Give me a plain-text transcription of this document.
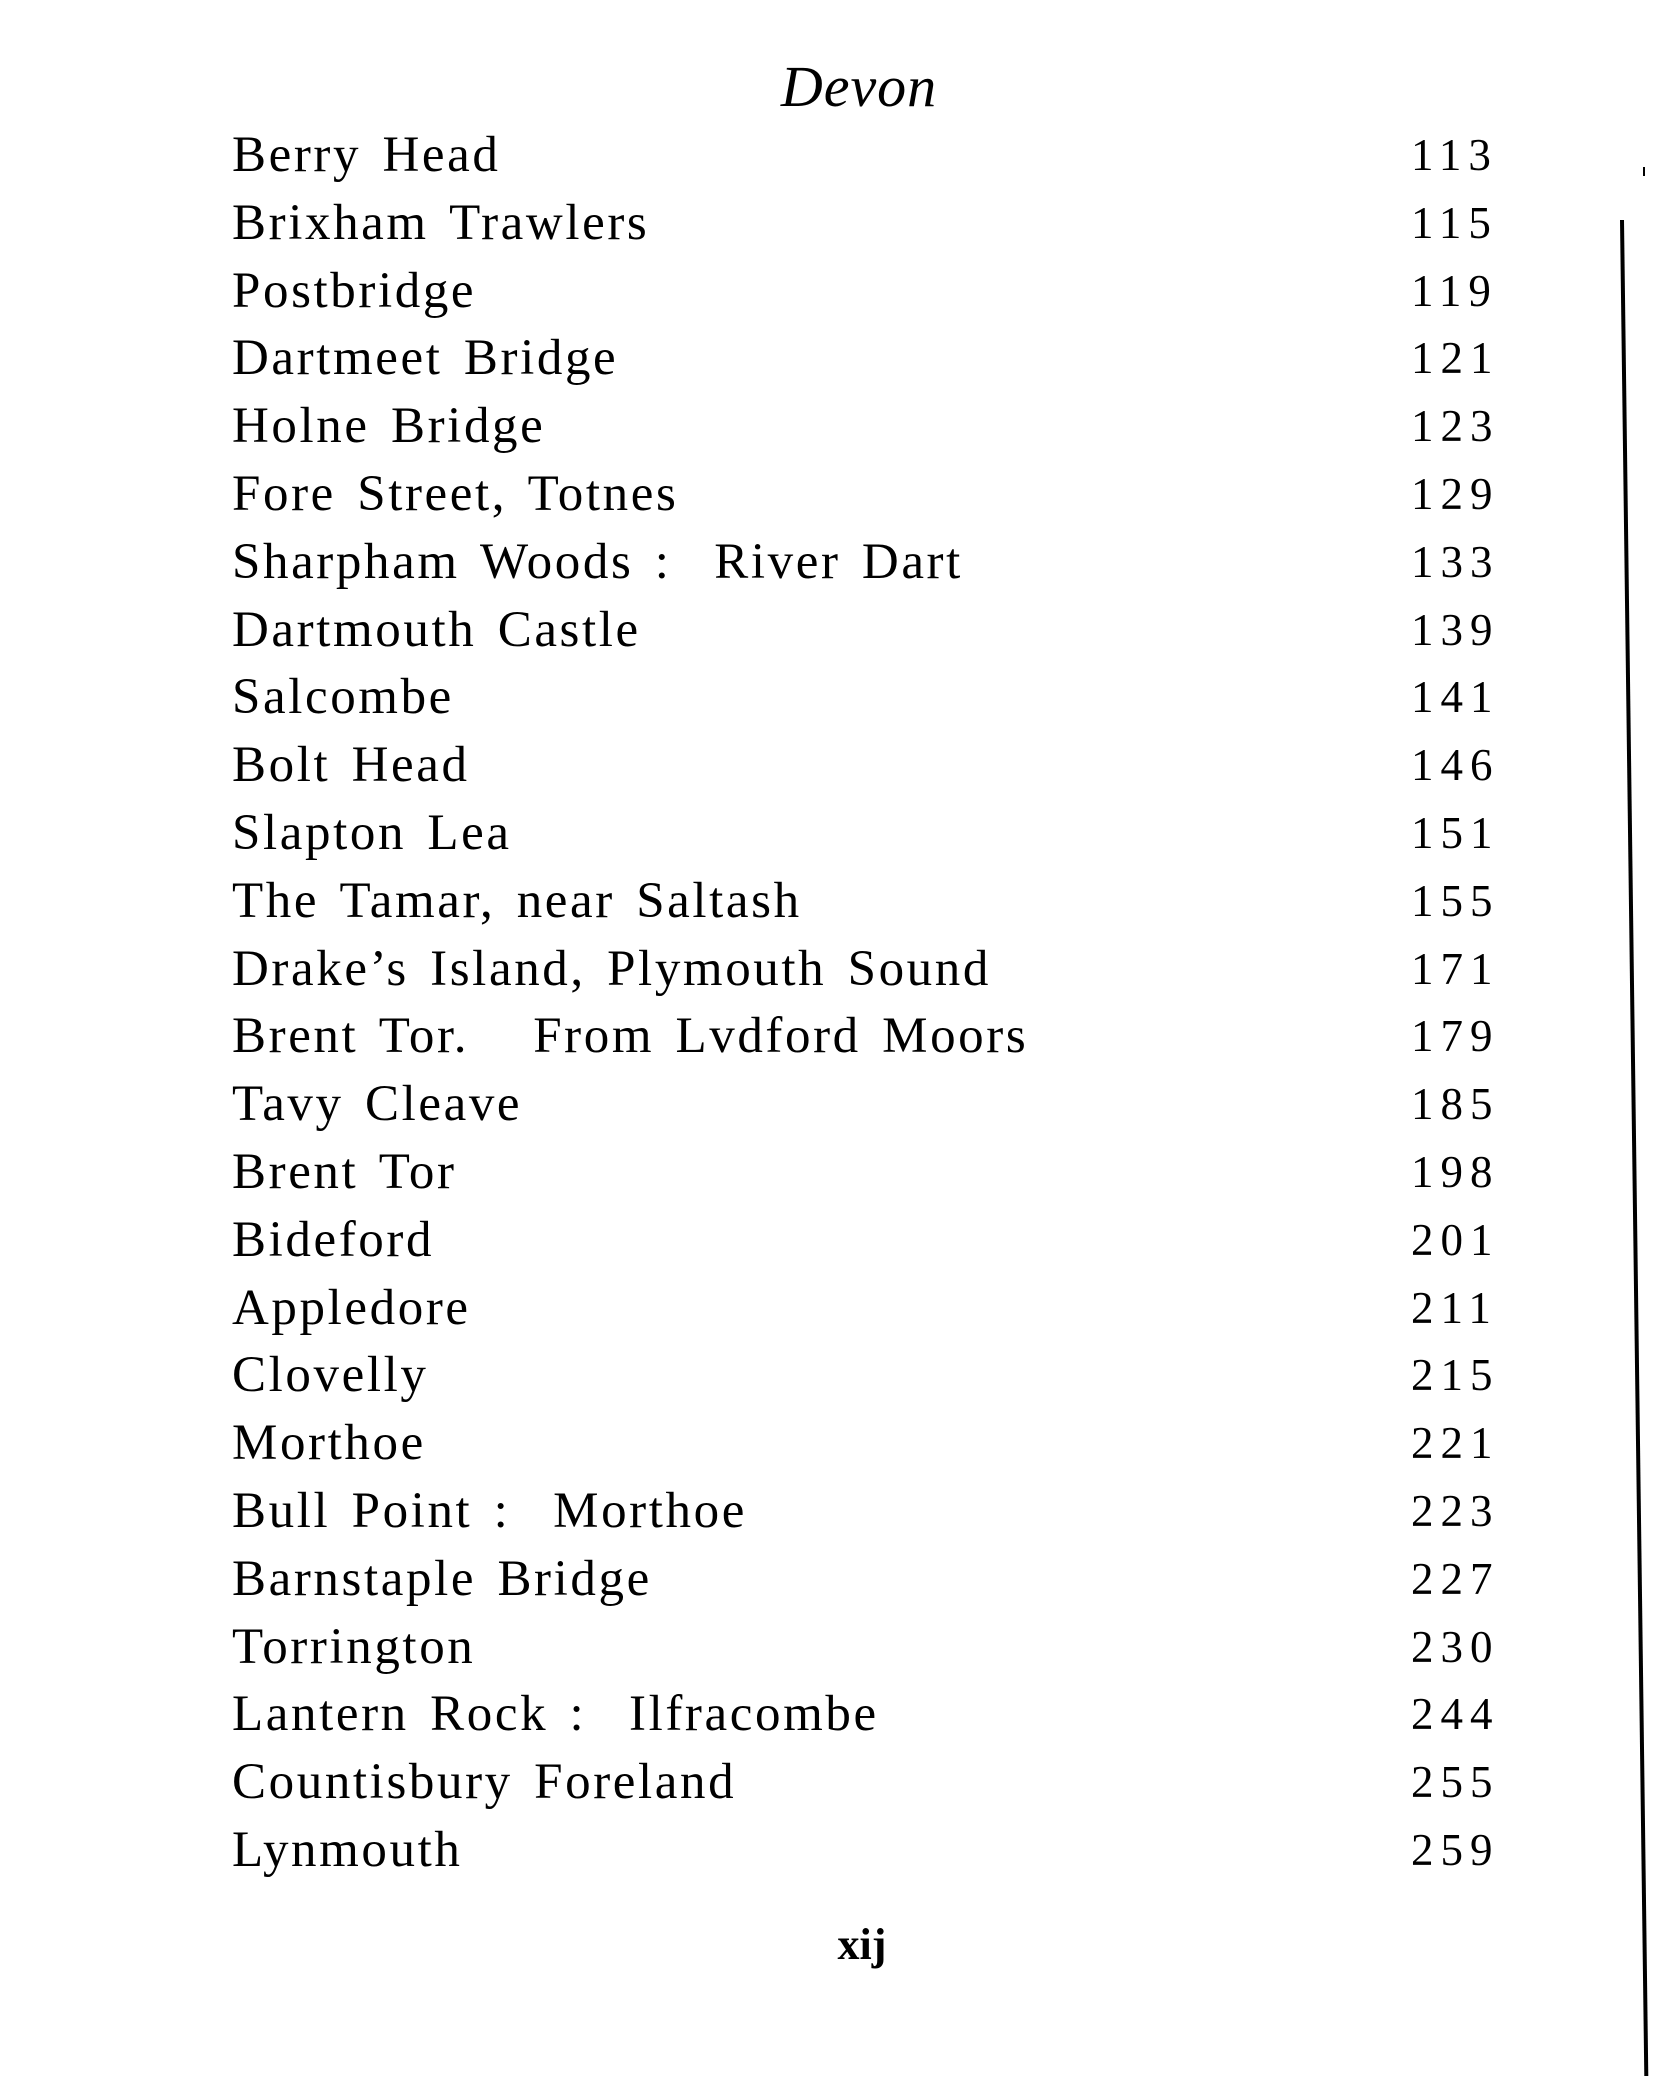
Devon
Berry Head	113
Brixham Trawlers	115
Postbridge	119
Dartmeet Bridge	121
Holne Bridge	123
Fore Street, Totnes	129
Sharpham Woods :  River Dart	133
Dartmouth Castle	139
Salcombe	141
Bolt Head	146
Slapton Lea	151
The Tamar, near Saltash	155
Drake’s Island, Plymouth Sound	171
Brent Tor.   From Lvdford Moors	179
Tavy Cleave	185
Brent Tor	198
Bideford	201
Appledore	211
Clovelly	215
Morthoe	221
Bull Point :  Morthoe	223
Barnstaple Bridge	227
Torrington	230
Lantern Rock :  Ilfracombe	244
Countisbury Foreland	255
Lynmouth	259
xij
